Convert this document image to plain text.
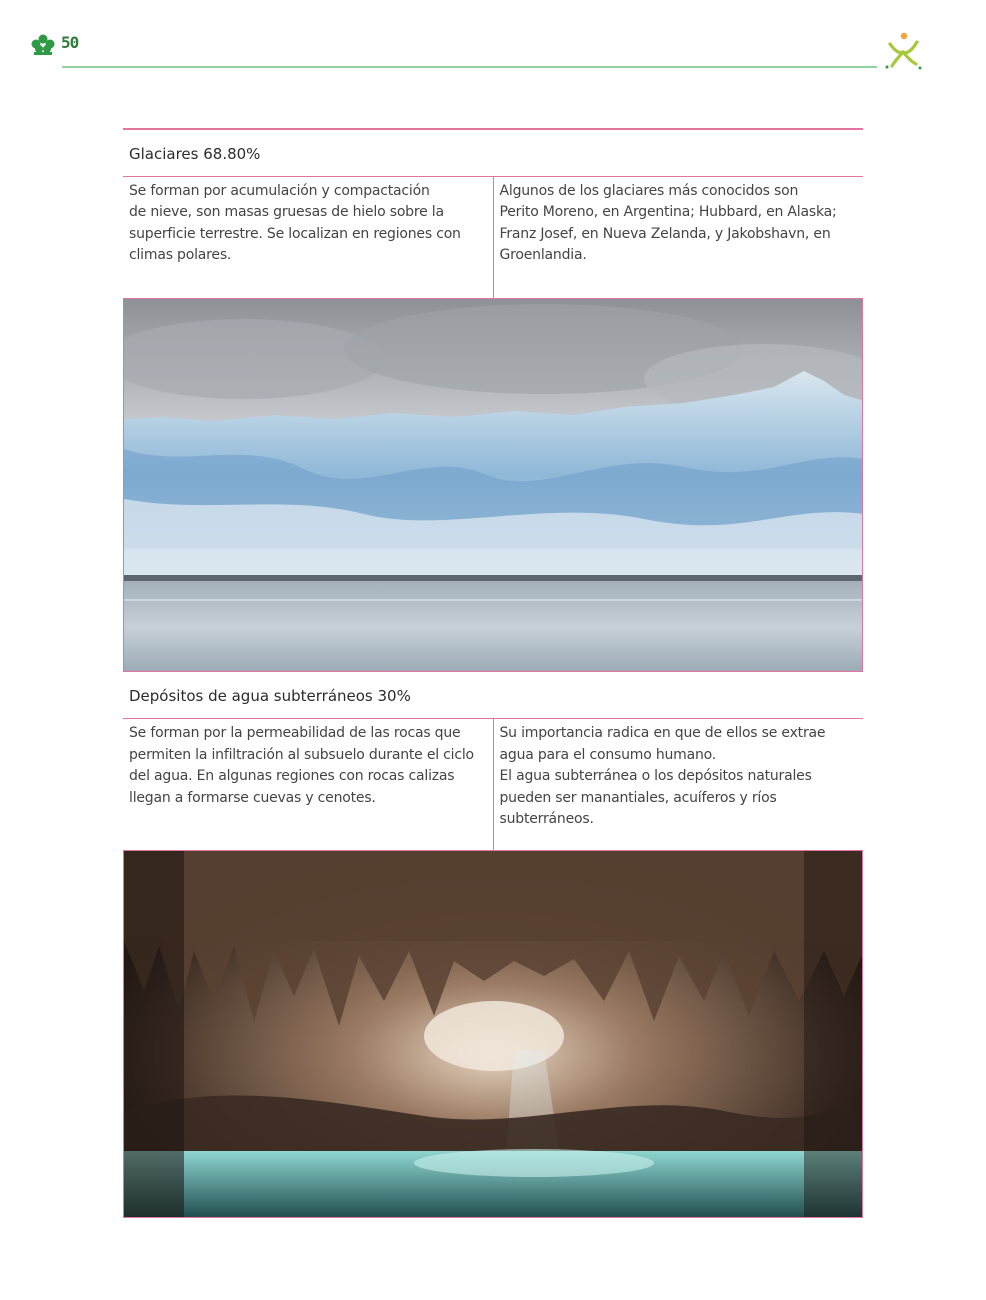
50
Glaciares 68.80%
Se forman por acumulación y compactación
de nieve, son masas gruesas de hielo sobre la
superficie terrestre. Se localizan en regiones con
climas polares.
Algunos de los glaciares más conocidos son
Perito Moreno, en Argentina; Hubbard, en Alaska;
Franz Josef, en Nueva Zelanda, y Jakobshavn, en
Groenlandia.
Depósitos de agua subterráneos 30%
Se forman por la permeabilidad de las rocas que
permiten la infiltración al subsuelo durante el ciclo
del agua. En algunas regiones con rocas calizas
llegan a formarse cuevas y cenotes.
Su importancia radica en que de ellos se extrae
agua para el consumo humano.
El agua subterránea o los depósitos naturales
pueden ser manantiales, acuíferos y ríos
subterráneos.
